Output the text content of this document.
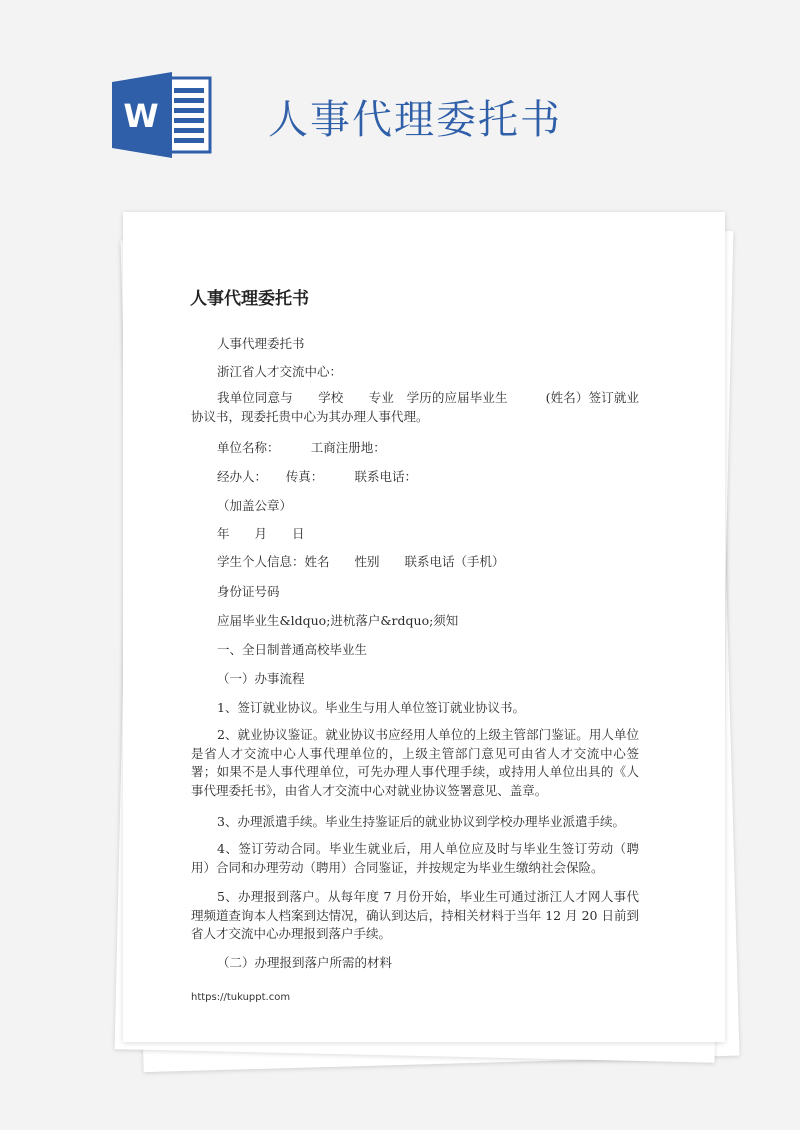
W	人事代理委托书
人事代理委托书
人事代理委托书
浙江省人才交流中心：
我单位同意与　　学校　　专业　学历的应届毕业生　　　(姓名）签订就业协议书，现委托贵中心为其办理人事代理。
单位名称：　　　工商注册地：
经办人：　　传真：　　　联系电话：
（加盖公章）
年　　月　　日
学生个人信息：姓名　　性别　　联系电话（手机）
身份证号码
应届毕业生&ldquo;进杭落户&rdquo;须知
一、全日制普通高校毕业生
（一）办事流程
1、签订就业协议。毕业生与用人单位签订就业协议书。
2、就业协议鉴证。就业协议书应经用人单位的上级主管部门鉴证。用人单位是省人才交流中心人事代理单位的，上级主管部门意见可由省人才交流中心签署；如果不是人事代理单位，可先办理人事代理手续，或持用人单位出具的《人事代理委托书》，由省人才交流中心对就业协议签署意见、盖章。
3、办理派遣手续。毕业生持鉴证后的就业协议到学校办理毕业派遣手续。
4、签订劳动合同。毕业生就业后，用人单位应及时与毕业生签订劳动（聘用）合同和办理劳动（聘用）合同鉴证，并按规定为毕业生缴纳社会保险。
5、办理报到落户。从每年度 7 月份开始，毕业生可通过浙江人才网人事代理频道查询本人档案到达情况，确认到达后，持相关材料于当年 12 月 20 日前到省人才交流中心办理报到落户手续。
（二）办理报到落户所需的材料
https://tukuppt.com
